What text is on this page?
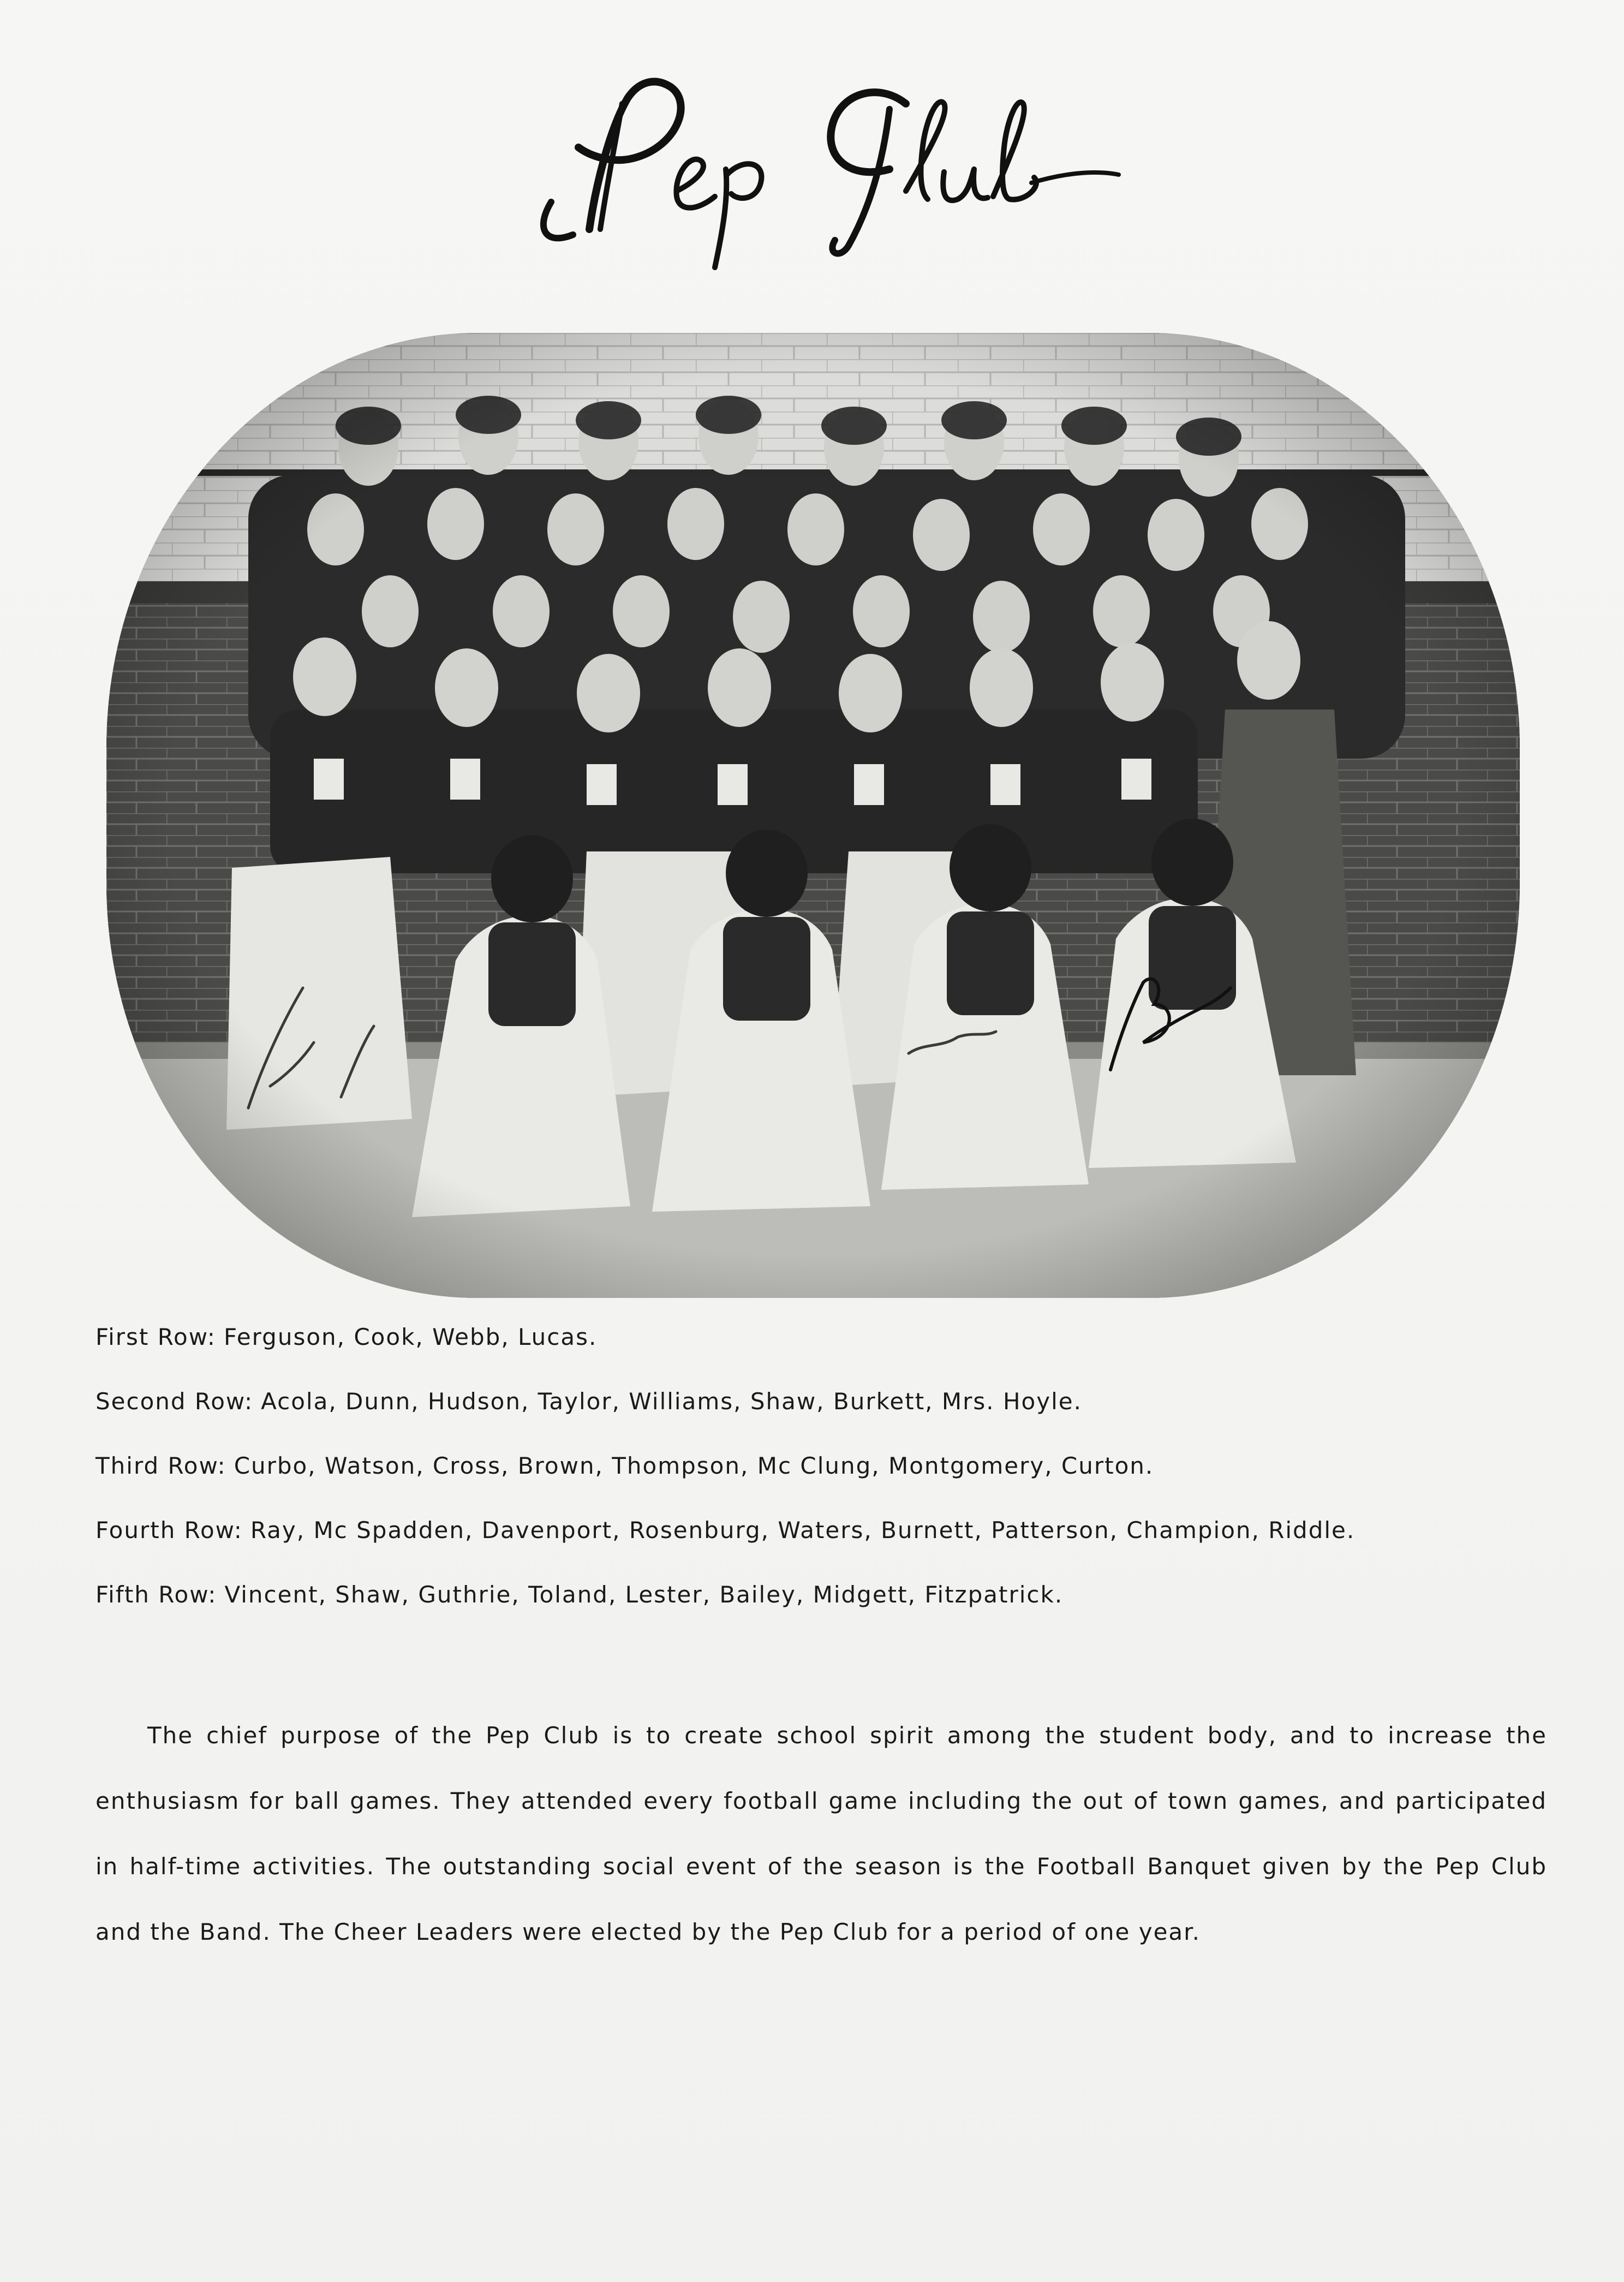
First Row: Ferguson, Cook, Webb, Lucas.
Second Row: Acola, Dunn, Hudson, Taylor, Williams, Shaw, Burkett, Mrs. Hoyle.
Third Row: Curbo, Watson, Cross, Brown, Thompson, Mc Clung, Montgomery, Curton.
Fourth Row: Ray, Mc Spadden, Davenport, Rosenburg, Waters, Burnett, Patterson, Champion, Riddle.
Fifth Row: Vincent, Shaw, Guthrie, Toland, Lester, Bailey, Midgett, Fitzpatrick.

The chief purpose of the Pep Club is to create school spirit among the student body, and to increase the enthusiasm for ball games. They attended every football game including the out of town games, and participated in half-time activities. The outstanding social event of the season is the Football Banquet given by the Pep Club and the Band. The Cheer Leaders were elected by the Pep Club for a period of one year.
